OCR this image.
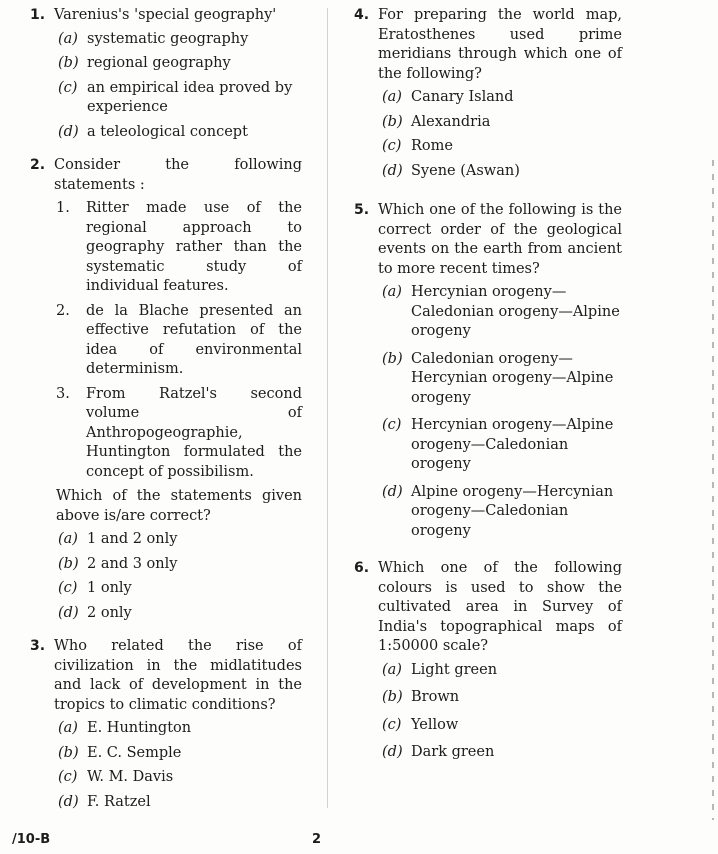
1. Varenius's 'special geography'
(a) systematic geography
(b) regional geography
(c) an empirical idea proved by experience
(d) a teleological concept
2. Consider the following statements :
1.	Ritter made use of the regional approach to geography rather than the systematic study of individual features.
2.	de la Blache presented an effective refutation of the idea of environmental determinism.
3.	From Ratzel's second volume of Anthropogeographie, Huntington formulated the concept of possibilism.
Which of the statements given above is/are correct?
(a) 1 and 2 only
(b) 2 and 3 only
(c) 1 only
(d) 2 only
3. Who related the rise of civilization in the midlatitudes and lack of development in the tropics to climatic conditions?
(a) E. Huntington
(b) E. C. Semple
(c) W. M. Davis
(d) F. Ratzel
4. For preparing the world map, Eratosthenes used prime meridians through which one of the following?
(a) Canary Island
(b) Alexandria
(c) Rome
(d) Syene (Aswan)
5. Which one of the following is the correct order of the geological events on the earth from ancient to more recent times?
(a) Hercynian orogeny—Caledonian orogeny—Alpine orogeny
(b) Caledonian orogeny—Hercynian orogeny—Alpine orogeny
(c) Hercynian orogeny—Alpine orogeny—Caledonian orogeny
(d) Alpine orogeny—Hercynian orogeny—Caledonian orogeny
6. Which one of the following colours is used to show the cultivated area in Survey of India's topographical maps of 1:50000 scale?
(a) Light green
(b) Brown
(c) Yellow
(d) Dark green
/10-B	2
